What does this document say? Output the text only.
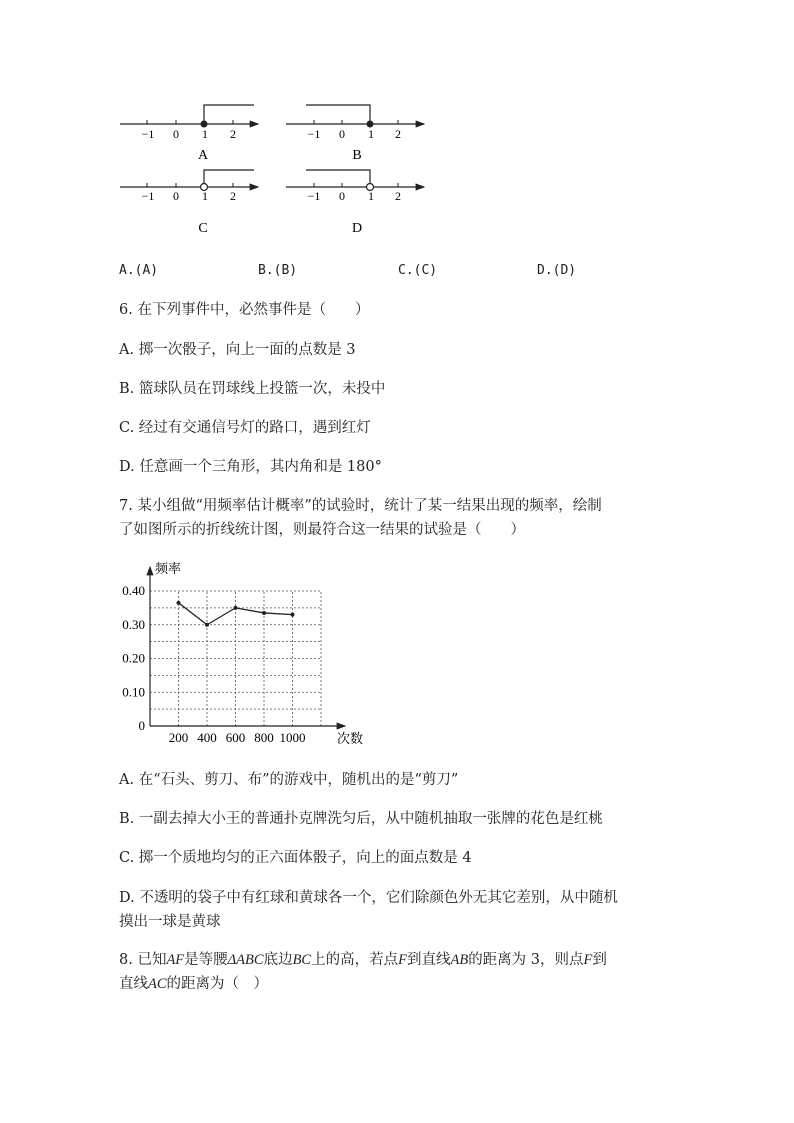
−1 0 1 2
A
−1 0 1 2
B
−1 0 1 2
C
−1 0 1 2
D
A.(A)	B.(B)	C.(C)	D.(D)
6. 在下列事件中，必然事件是（　　）
A. 掷一次骰子，向上一面的点数是 3
B. 篮球队员在罚球线上投篮一次，未投中
C. 经过有交通信号灯的路口，遇到红灯
D. 任意画一个三角形，其内角和是 180°
7. 某小组做“用频率估计概率”的试验时，统计了某一结果出现的频率，绘制
了如图所示的折线统计图，则最符合这一结果的试验是（　　）
频率
次数
0
0.10
0.20
0.30
0.40
200 400 600 800 1000
A. 在“石头、剪刀、布”的游戏中，随机出的是“剪刀”
B. 一副去掉大小王的普通扑克牌洗匀后，从中随机抽取一张牌的花色是红桃
C. 掷一个质地均匀的正六面体骰子，向上的面点数是 4
D. 不透明的袋子中有红球和黄球各一个，它们除颜色外无其它差别，从中随机
摸出一球是黄球
8. 已知AF是等腰ΔABC底边BC上的高，若点F到直线AB的距离为 3，则点F到
直线AC的距离为（　）
